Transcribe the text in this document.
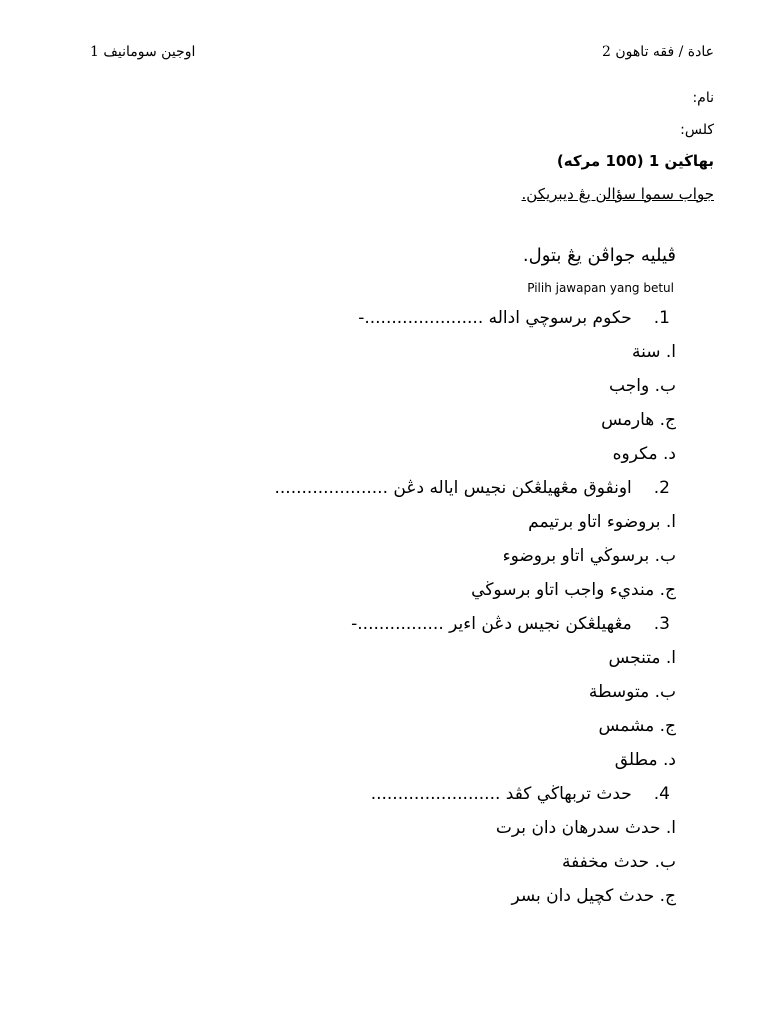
عادة / فقه تاهون 2
اوجين سومانيف 1
نام:
كلس:
بهاڬين 1 (100 مركه)
جواب سموا سؤالن يڠ ديبريكن.
ڤيليه جواڤن يڠ بتول.
Pilih jawapan yang betul
1.حکوم برسوچي اداله ......................-
ا. سنة
ب. واجب
ج. هارمس
د. مكروه
2.اونڤوق مڠهيلڠكن نجيس اياله دڠن .....................
ا. بروضوء اتاو برتيمم
ب. برسوڬي اتاو بروضوء
ج. منديء واجب اتاو برسوڬي
3.مڠهيلڠكن نجيس دڠن اءير ................-
ا. متنجس
ب. متوسطة
ج. مشمس
د. مطلق
4.حدث تربهاڬي كڤد ........................
ا. حدث سدرهان دان برت
ب. حدث مخففة
ج. حدث كچيل دان بسر
